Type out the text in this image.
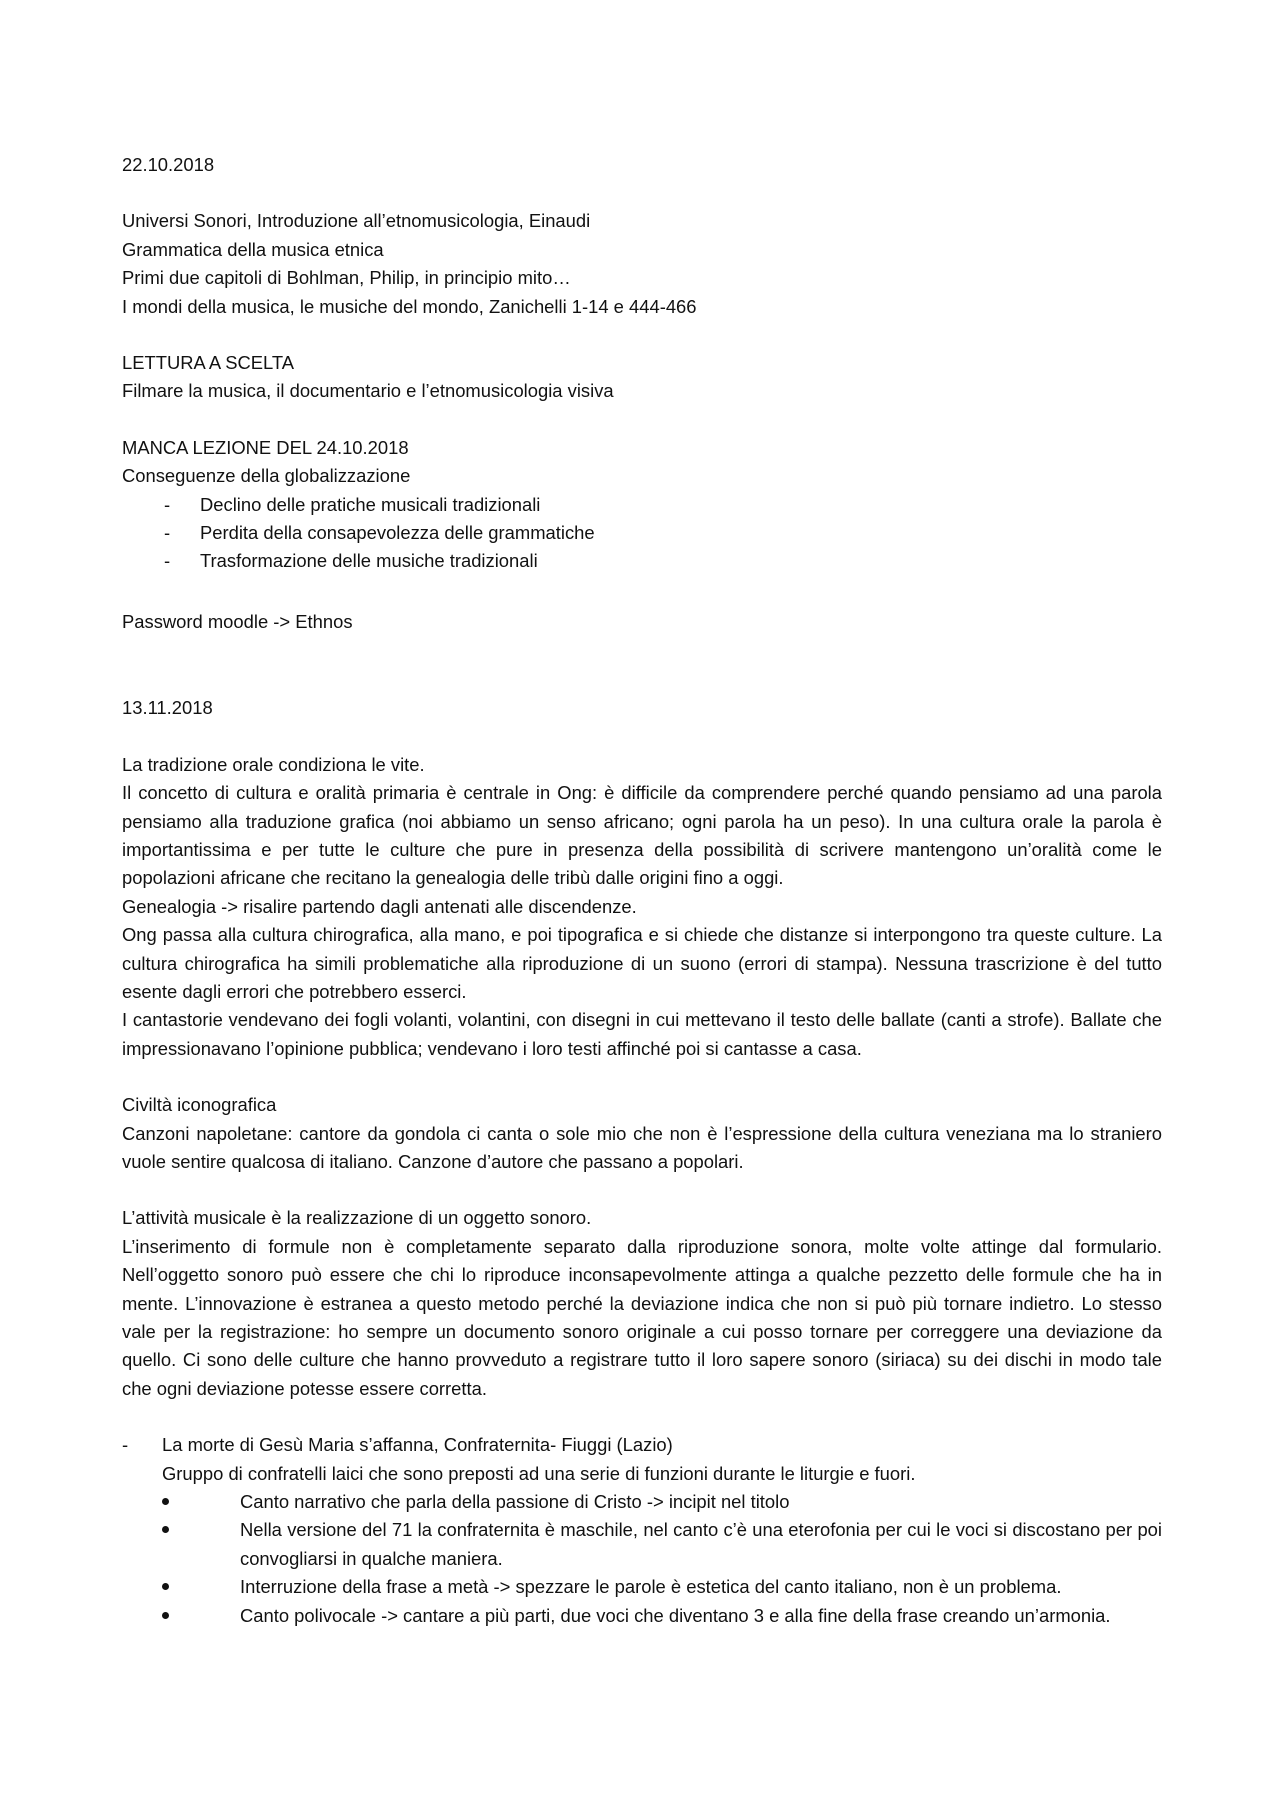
22.10.2018

Universi Sonori, Introduzione all’etnomusicologia, Einaudi

Grammatica della musica etnica

Primi due capitoli di Bohlman, Philip, in principio mito…

I mondi della musica, le musiche del mondo, Zanichelli 1-14 e 444-466

LETTURA A SCELTA

Filmare la musica, il documentario e l’etnomusicologia visiva

MANCA LEZIONE DEL 24.10.2018

Conseguenze della globalizzazione

- Declino delle pratiche musicali tradizionali
- Perdita della consapevolezza delle grammatiche
- Trasformazione delle musiche tradizionali

Password moodle -> Ethnos

13.11.2018

La tradizione orale condiziona le vite.

Il concetto di cultura e oralità primaria è centrale in Ong: è difficile da comprendere perché quando pensiamo ad una parola pensiamo alla traduzione grafica (noi abbiamo un senso africano; ogni parola ha un peso). In una cultura orale la parola è importantissima e per tutte le culture che pure in presenza della possibilità di scrivere mantengono un’oralità come le popolazioni africane che recitano la genealogia delle tribù dalle origini fino a oggi.

Genealogia -> risalire partendo dagli antenati alle discendenze.

Ong passa alla cultura chirografica, alla mano, e poi tipografica e si chiede che distanze si interpongono tra queste culture. La cultura chirografica ha simili problematiche alla riproduzione di un suono (errori di stampa). Nessuna trascrizione è del tutto esente dagli errori che potrebbero esserci.

I cantastorie vendevano dei fogli volanti, volantini, con disegni in cui mettevano il testo delle ballate (canti a strofe). Ballate che impressionavano l’opinione pubblica; vendevano i loro testi affinché poi si cantasse a casa.

Civiltà iconografica

Canzoni napoletane: cantore da gondola ci canta o sole mio che non è l’espressione della cultura veneziana ma lo straniero vuole sentire qualcosa di italiano. Canzone d’autore che passano a popolari.

L’attività musicale è la realizzazione di un oggetto sonoro.

L’inserimento di formule non è completamente separato dalla riproduzione sonora, molte volte attinge dal formulario. Nell’oggetto sonoro può essere che chi lo riproduce inconsapevolmente attinga a qualche pezzetto delle formule che ha in mente. L’innovazione è estranea a questo metodo perché la deviazione indica che non si può più tornare indietro. Lo stesso vale per la registrazione: ho sempre un documento sonoro originale a cui posso tornare per correggere una deviazione da quello. Ci sono delle culture che hanno provveduto a registrare tutto il loro sapere sonoro (siriaca) su dei dischi in modo tale che ogni deviazione potesse essere corretta.

- La morte di Gesù Maria s’affanna, Confraternita- Fiuggi (Lazio)

Gruppo di confratelli laici che sono preposti ad una serie di funzioni durante le liturgie e fuori.

Canto narrativo che parla della passione di Cristo -> incipit nel titolo
Nella versione del 71 la confraternita è maschile, nel canto c’è una eterofonia per cui le voci si discostano per poi convogliarsi in qualche maniera.
Interruzione della frase a metà -> spezzare le parole è estetica del canto italiano, non è un problema.
Canto polivocale -> cantare a più parti, due voci che diventano 3 e alla fine della frase creando un’armonia.
